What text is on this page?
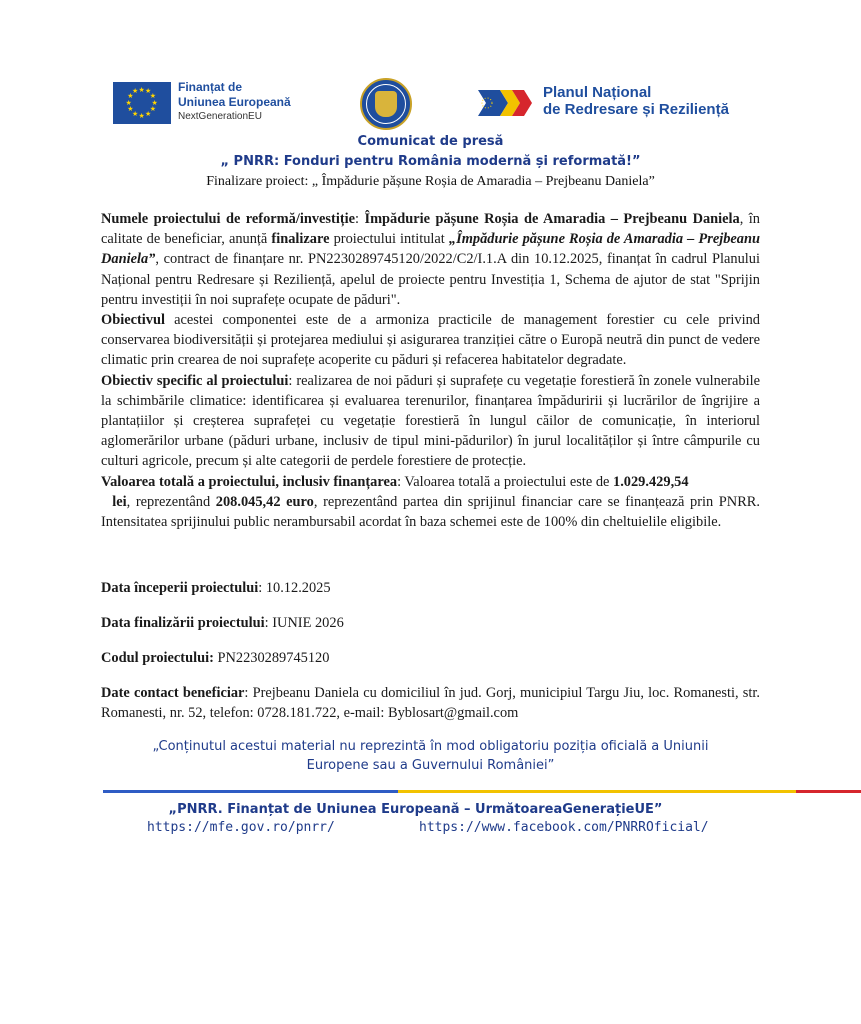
★ ★
★
★
★
★
★
★
★
★
★
★	Finanțat de
Uniunea Europeană
NextGenerationEU
Planul Național
de Redresare și Reziliență
Comunicat de presă
„ PNRR: Fonduri pentru România modernă și reformată!”
Finalizare proiect: „ Împădurie pășune Roșia de Amaradia – Prejbeanu Daniela”

Numele proiectului de reformă/investiție: Împădurie pășune Roșia de Amaradia – Prejbeanu Daniela, în calitate de beneficiar, anunță finalizare proiectului intitulat „Împădurie pășune Roșia de Amaradia – Prejbeanu Daniela”, contract de finanțare nr. PN2230289745120/2022/C2/I.1.A din 10.12.2025, finanțat în cadrul Planului Național pentru Redresare și Reziliență, apelul de proiecte pentru Investiția 1, Schema de ajutor de stat "Sprijin pentru investiții în noi suprafețe ocupate de păduri".

Obiectivul acestei componentei este de a armoniza practicile de management forestier cu cele privind conservarea biodiversității și protejarea mediului și asigurarea tranziției către o Europă neutră din punct de vedere climatic prin crearea de noi suprafețe acoperite cu păduri și refacerea habitatelor degradate.

Obiectiv specific al proiectului: realizarea de noi păduri și suprafețe cu vegetație forestieră în zonele vulnerabile la schimbările climatice: identificarea și evaluarea terenurilor, finanțarea împăduririi și lucrărilor de îngrijire a plantațiilor și creșterea suprafeței cu vegetație forestieră în lungul căilor de comunicație, în interiorul aglomerărilor urbane (păduri urbane, inclusiv de tipul mini-pădurilor) în jurul localităților și între câmpurile cu culturi agricole, precum și alte categorii de perdele forestiere de protecție.

Valoarea totală a proiectului, inclusiv finanțarea: Valoarea totală a proiectului este de 1.029.429,54
lei, reprezentând 208.045,42 euro, reprezentând partea din sprijinul financiar care se finanțează prin PNRR. Intensitatea sprijinului public nerambursabil acordat în baza schemei este de 100% din cheltuielile eligibile.

Data începerii proiectului: 10.12.2025

Data finalizării proiectului: IUNIE 2026

Codul proiectului: PN2230289745120

Date contact beneficiar: Prejbeanu Daniela cu domiciliul în jud. Gorj, municipiul Targu Jiu, loc. Romanesti, str. Romanesti, nr. 52, telefon: 0728.181.722, e-mail: Byblosart@gmail.com

„Conținutul acestui material nu reprezintă în mod obligatoriu poziția oficială a Uniunii
Europene sau a Guvernului României”
„PNRR. Finanțat de Uniunea Europeană – UrmătoareaGenerațieUE”
https://mfe.gov.ro/pnrr/	https://www.facebook.com/PNRROficial/
